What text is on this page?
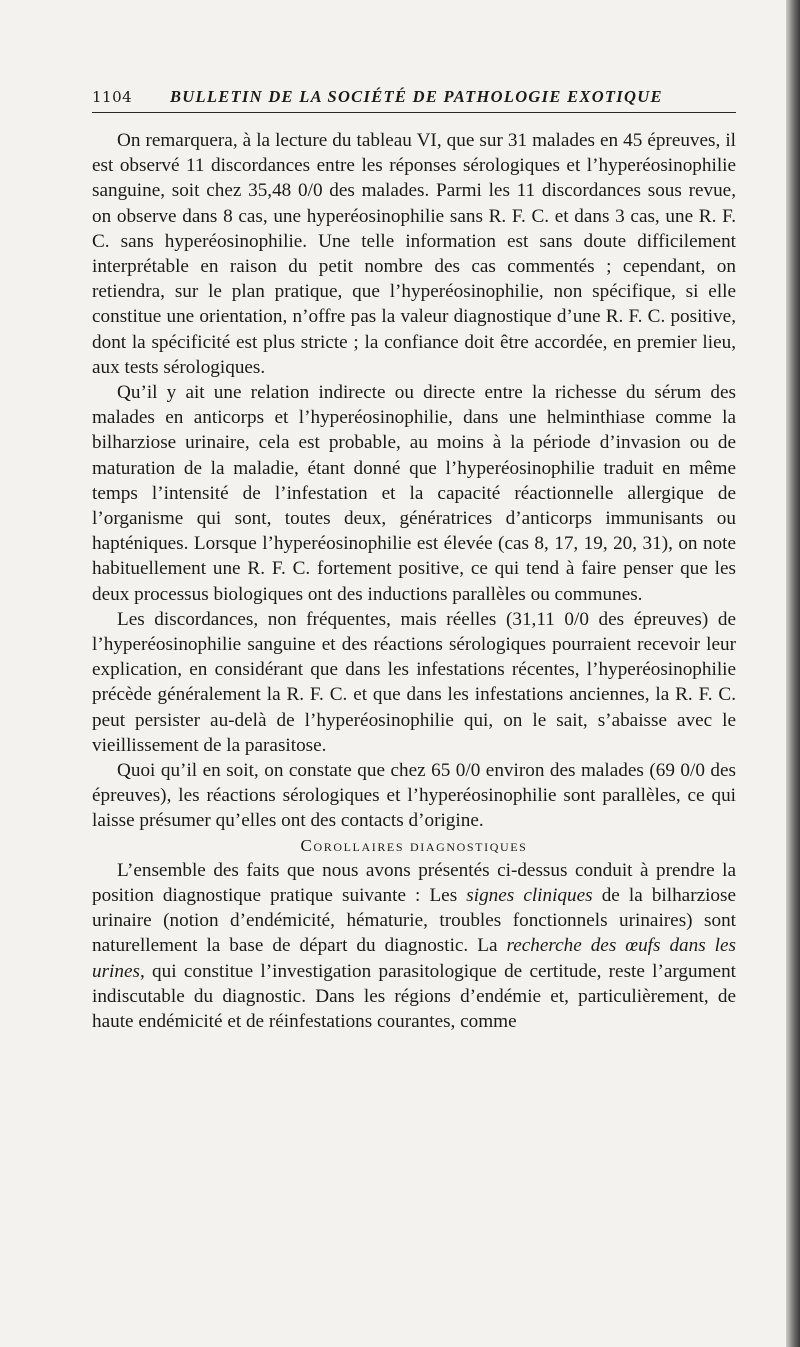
1104 BULLETIN DE LA SOCIÉTÉ DE PATHOLOGIE EXOTIQUE

On remarquera, à la lecture du tableau VI, que sur 31 malades en 45 épreuves, il est observé 11 discordances entre les réponses sérologiques et l’hyperéosinophilie sanguine, soit chez 35,48 0/0 des malades. Parmi les 11 discordances sous revue, on observe dans 8 cas, une hyperéosinophilie sans R. F. C. et dans 3 cas, une R. F. C. sans hyperéosinophilie. Une telle information est sans doute difficilement interprétable en raison du petit nombre des cas commentés ; cependant, on retiendra, sur le plan pratique, que l’hyperéosinophilie, non spécifique, si elle constitue une orientation, n’offre pas la valeur diagnostique d’une R. F. C. positive, dont la spécificité est plus stricte ; la confiance doit être accordée, en premier lieu, aux tests sérologiques.

Qu’il y ait une relation indirecte ou directe entre la richesse du sérum des malades en anticorps et l’hyperéosinophilie, dans une helminthiase comme la bilharziose urinaire, cela est probable, au moins à la période d’invasion ou de maturation de la maladie, étant donné que l’hyperéosinophilie traduit en même temps l’intensité de l’infestation et la capacité réactionnelle allergique de l’organisme qui sont, toutes deux, génératrices d’anticorps immunisants ou hapténiques. Lorsque l’hyperéosinophilie est élevée (cas 8, 17, 19, 20, 31), on note habituellement une R. F. C. fortement positive, ce qui tend à faire penser que les deux processus biologiques ont des inductions parallèles ou communes.

Les discordances, non fréquentes, mais réelles (31,11 0/0 des épreuves) de l’hyperéosinophilie sanguine et des réactions sérologiques pourraient recevoir leur explication, en considérant que dans les infestations récentes, l’hyperéosinophilie précède généralement la R. F. C. et que dans les infestations anciennes, la R. F. C. peut persister au-delà de l’hyperéosinophilie qui, on le sait, s’abaisse avec le vieillissement de la parasitose.

Quoi qu’il en soit, on constate que chez 65 0/0 environ des malades (69 0/0 des épreuves), les réactions sérologiques et l’hyperéosinophilie sont parallèles, ce qui laisse présumer qu’elles ont des contacts d’origine.

Corollaires diagnostiques

L’ensemble des faits que nous avons présentés ci-dessus conduit à prendre la position diagnostique pratique suivante : Les signes cliniques de la bilharziose urinaire (notion d’endémicité, hématurie, troubles fonctionnels urinaires) sont naturellement la base de départ du diagnostic. La recherche des œufs dans les urines, qui constitue l’investigation parasitologique de certitude, reste l’argument indiscutable du diagnostic. Dans les régions d’endémie et, particulièrement, de haute endémicité et de réinfestations courantes, comme
